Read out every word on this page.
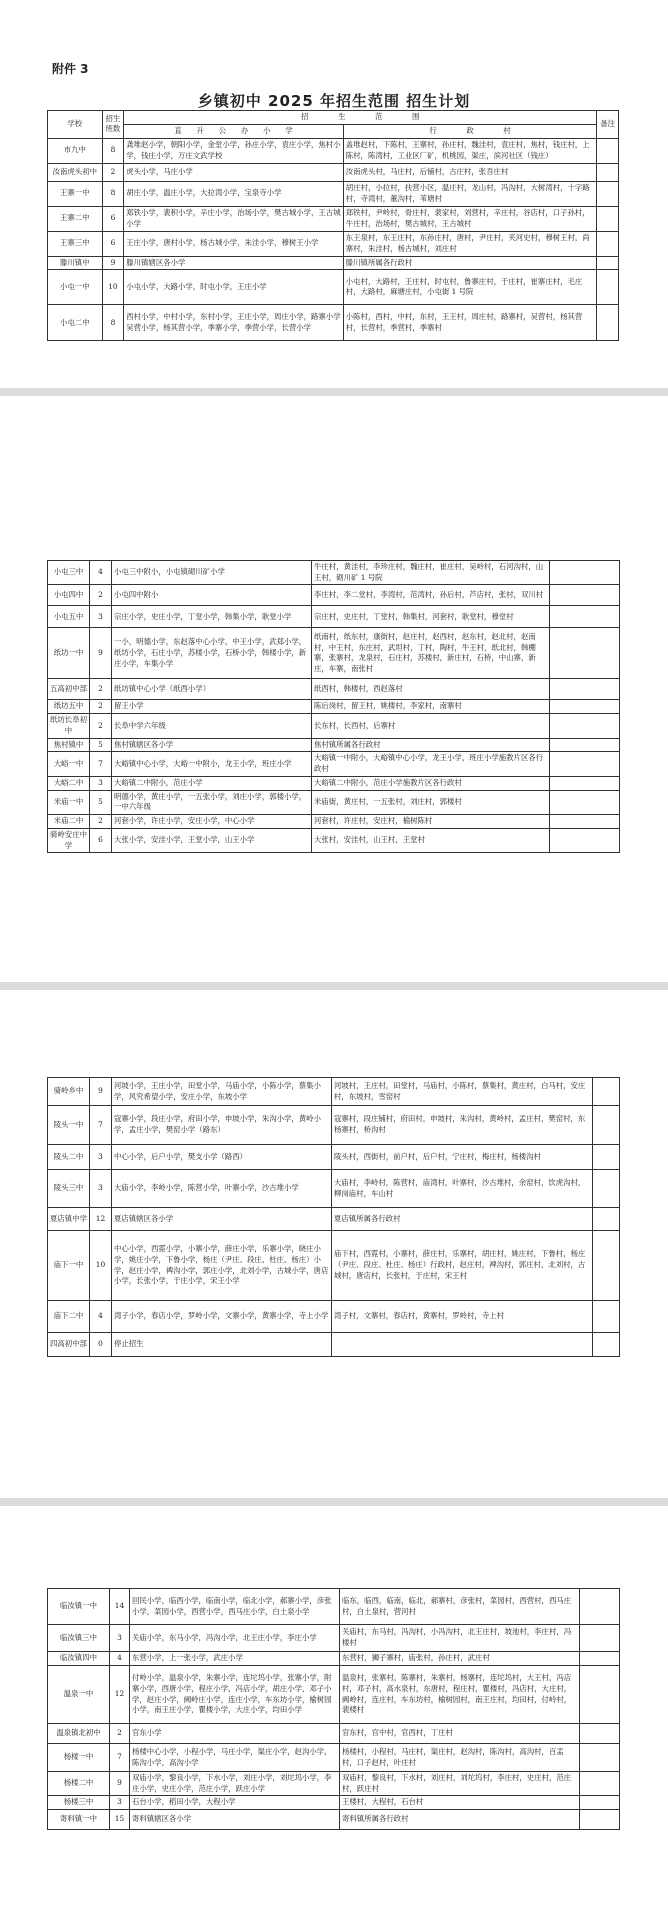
附件 3
乡镇初中 2025 年招生范围 招生计划
学校	招生班数	招　　　　生　　　　范　　　　围		备注
		直　　升　　公　　办　　小　　学	行　　　　政　　　　村	
市九中	8	龚堆赵小学，朝阳小学，金堂小学，孙庄小学，袁庄小学，焦村小学，钱庄小学，万庄文武学校	盖堆赵村，下陈村，王寨村，孙庄村，魏洼村，袁庄村，焦村，钱庄村，上陈村，陈湾村，工业区厂矿，机桃园，渠庄，滨河社区（钱庄）	
汝南虎头初中	2	虎头小学，马庄小学	汝南虎头村，马庄村，后铺村，古庄村，张吾庄村	
王寨一中	8	胡庄小学，温庄小学，大拉湾小学，宝泉寺小学	胡庄村，小拉村，扶营小区，温庄村，龙山村，冯沟村，大树湾村，十字路村，寺湾村，董沟村，苇塘村	
王寨二中	6	郑铁小学，裴积小学，辛庄小学，治场小学，樊古城小学，王古城小学	郑铁村，尹岭村，骨庄村，裴家村，刘营村，辛庄村，谷店村，口子孙村，牛庄村，治场村，樊古城村，王古城村	
王寨三中	6	王庄小学，唐村小学，杨古城小学，朱洼小学，穆树王小学	东王泉村，东王庄村，东孙庄村，唐村，尹庄村，夹河史村，穆树王村，尚寨村，朱洼村，杨古城村，刘庄村	
滕川镇中	9	滕川镇辖区各小学	滕川镇所属各行政村	
小屯一中	10	小屯小学，大路小学，时屯小学，王庄小学	小屯村，大路村，王庄村，时屯村，鲁寨庄村，于庄村，崔寨庄村，毛庄村，大路村，麻塘庄村，小屯街 1 号院	
小屯二中	8	西村小学，中村小学，东村小学，王庄小学，周庄小学，路寨小学吴营小学，杨其营小学，季寨小学，季营小学，长营小学	小陈村，西村，中村，东村，王王村，周庄村，路寨村，吴营村，杨其营村，长营村，季营村，季寨村	
小屯三中	4	小屯三中附小，小屯镇砌川矿小学	牛庄村，黄洼村，李珍庄村，魏庄村，崔庄村，吴岭村，石河沟村，山王村，砌川矿 1 号院	
小屯四中	2	小屯四中附小	李庄村，李二堂村，李湾村，范湾村，孙后村，芦店村，张村，双川村	
小屯五中	3	宗庄小学，史庄小学，丁堂小学，韩集小学，耿堂小学	宗庄村，史庄村，丁堂村，韩集村，河套村，耿堂村，穆堂村	
纸坊一中	9	一小，明德小学，东赵落中心小学，中王小学，武郑小学，纸坊小学，石庄小学，苏楼小学，石桥小学，韩楼小学，新庄小学，车集小学	纸南村，纸东村，康街村，赵庄村，赵西村，赵东村，赵北村，赵南村，中王村，东庄村，武坦村，丁村，陶村，牛王村，纸北村，韩棚寨，张寨村，龙泉村，石庄村，苏楼村，新庄村，石桥，中山寨，新庄，车寨，南张村	
五高初中部	2	纸坊镇中心小学（纸西小学）	纸西村，韩楼村，西赵落村	
纸坊五中	2	留王小学	陈后岗村，留王村，姚楼村，李家村，南寨村	
纸坊长阜初中	2	长阜中学六年级	长东村，长西村，后寨村	
焦村镇中	5	焦村镇辖区各小学	焦村镇所属各行政村	
大峪一中	7	大峪镇中心小学，大峪一中附小，龙王小学，班庄小学	大峪镇一中附小，大峪镇中心小学，龙王小学，班庄小学施教片区各行政村	
大峪二中	3	大峪镇二中附小，范庄小学	大峪镇二中附小，范庄小学施教片区各行政村	
米庙一中	5	明德小学，黄庄小学，一五张小学，刘庄小学，郭楼小学，一中六年级	米庙街，黄庄村，一五张村，刘庄村，郭楼村	
米庙二中	2	河套小学，许庄小学，安庄小学，中心小学	河套村，许庄村，安庄村，榆树陈村	
骑岭安庄中学	6	大张小学，安洼小学，王堂小学，山王小学	大张村，安洼村，山王村，王堂村	
骑岭乡中	9	河坡小学，王庄小学，田堂小学，马庙小学，小陈小学，蔡集小学，风究希望小学，安庄小学，东坡小学	河坡村，王庄村，田堂村，马庙村，小陈村，蔡集村，黄庄村，白马村，安庄村，东坡村，雪窑村	
陵头一中	7	寇寨小学，段庄小学，府田小学，申坡小学，朱沟小学，黄岭小学，孟庄小学，樊窑小学（路东）	寇寨村，段庄铺村，府田村，申坡村，朱沟村，黄岭村，孟庄村，樊窑村，东杨寨村，桥沟村	
陵头二中	3	中心小学，后户小学，樊支小学（路西）	陵头村，西街村，前户村，后户村，宁庄村，梅庄村，杨楼沟村	
陵头三中	3	大庙小学，李岭小学，陈营小学，叶寨小学，沙古堆小学	大庙村，李岭村，陈营村，庙湾村，叶寨村，沙古堆村，余窑村，饮虎沟村，柳岗庙村，车山村	
夏店镇中学	12	夏店镇辖区各小学	夏店镇所属各行政村	
庙下一中	10	中心小学，西霓小学，小寨小学，薛庄小学，乐寨小学，晓庄小学，姚庄小学，下鲁小学，杨庄（尹庄、段庄、杜庄、杨庄）小学，赵庄小学，裨沟小学，郭庄小学，北刘小学，古城小学，唐店小学，长张小学，于庄小学，宋王小学	庙下村，西霓村，小寨村，薛庄村，乐寨村，胡庄村，姚庄村，下鲁村，杨庄（尹庄、段庄、杜庄、杨庄）行政村，赵庄村，裨沟村，郭庄村，北刘村，古城村，唐店村，长张村，于庄村，宋王村	
庙下二中	4	湾子小学，春店小学，罗岭小学，文寨小学，黄寨小学，寺上小学	湾子村，文寨村，春店村，黄寨村，罗岭村，寺上村	
四高初中部	0	停止招生		
临汝镇一中	14	回民小学，临西小学，临南小学，临北小学，郝寨小学，彦张小学，菜园小学，西营小学，西马庄小学，白土泉小学	临东，临西，临南，临北，郝寨村，彦张村，菜园村，西营村，西马庄村，白土泉村，营河村	
临汝镇三中	3	关庙小学，东马小学，冯沟小学，北王庄小学，李庄小学	关庙村，东马村，冯沟村，小冯沟村，北王庄村，坡池村，李庄村，冯楼村	
临汝镇四中	4	东营小学，上一张小学，武庄小学	东营村，狮子寨村，庙张村，孙庄村，武庄村	
温泉一中	12	付岭小学，温泉小学，朱寨小学，连坨坞小学，张寨小学，附寨小学，西唐小学，程庄小学，冯店小学，胡庄小学，邓子小学，赵庄小学，阙岭庄小学，连庄小学，车东坊小学，榆树园小学，南王庄小学，瞿楼小学，大庄小学，均田小学	温泉村，张寨村，陈寨村，朱寨村，杨寨村，连坨坞村，大王村，冯店村，邓子村，高水泉村，东唐村，程庄村，瞿楼村，冯店村，大庄村，阙岭村，连庄村，车东坊村，榆树园村，南王庄村，均田村，付岭村，裴楼村	
温泉镇北初中	2	官东小学	官东村，官中村，官西村，丁庄村	
杨楼一中	7	杨楼中心小学，小程小学，马庄小学，渠庄小学，赵沟小学，陈沟小学，高沟小学	杨楼村，小程村，马庄村，渠庄村，赵沟村，陈沟村，高沟村，百盂村，口子赵村，叶庄村	
杨楼二中	9	双庙小学，黎良小学，下水小学，刘庄小学，刘坨坞小学，李庄小学，史庄小学，范庄小学，跃庄小学	双庙村，黎良村，下水村，刘庄村，刘坨坞村，李庄村，史庄村，范庄村，跃庄村	
杨楼三中	3	石台小学，稻田小学，大程小学	王楼村，大程村，石台村	
寄料镇一中	15	寄料镇辖区各小学	寄料镇所属各行政村	
